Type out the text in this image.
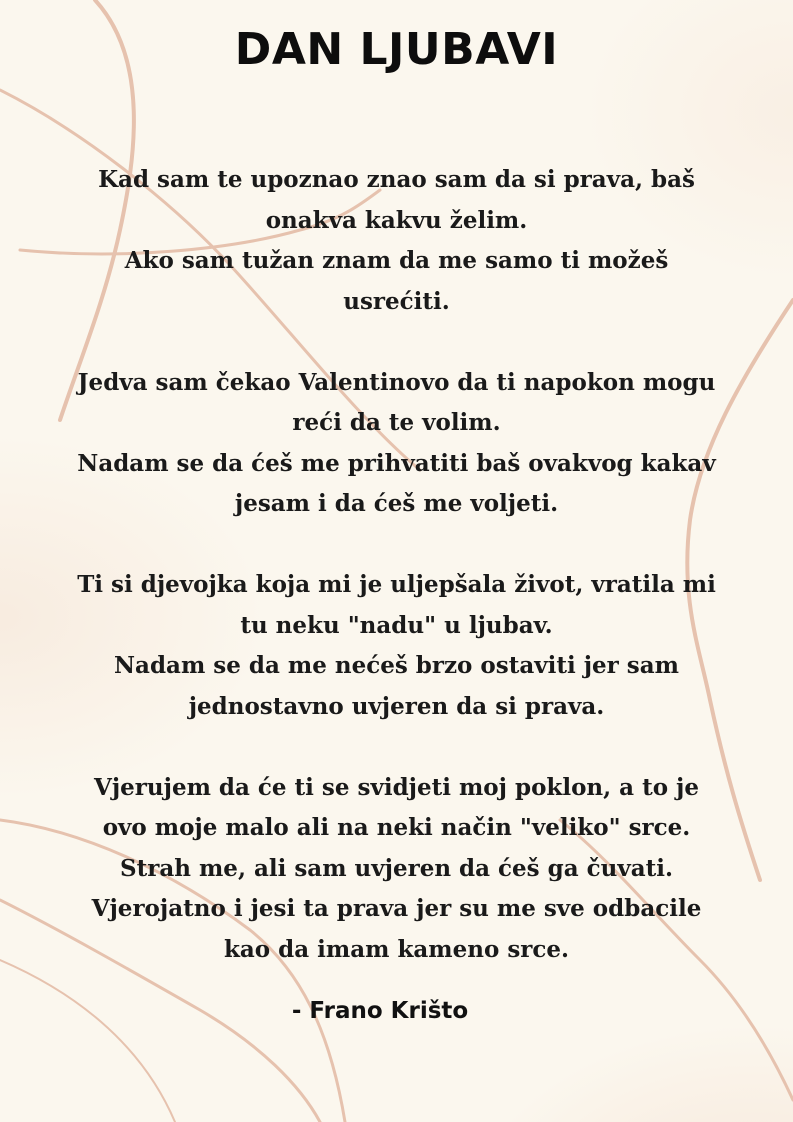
DAN LJUBAVI
Kad sam te upoznao znao sam da si prava, baš
onakva kakvu želim.
Ako sam tužan znam da me samo ti možeš
usrećiti.
Jedva sam čekao Valentinovo da ti napokon mogu
reći da te volim.
Nadam se da ćeš me prihvatiti baš ovakvog kakav
jesam i da ćeš me voljeti.
Ti si djevojka koja mi je uljepšala život, vratila mi
tu neku "nadu" u ljubav.
Nadam se da me nećeš brzo ostaviti jer sam
jednostavno uvjeren da si prava.
Vjerujem da će ti se svidjeti moj poklon, a to je
ovo moje malo ali na neki način "veliko" srce.
Strah me, ali sam uvjeren da ćeš ga čuvati.
Vjerojatno i jesi ta prava jer su me sve odbacile
kao da imam kameno srce.
- Frano Krišto
